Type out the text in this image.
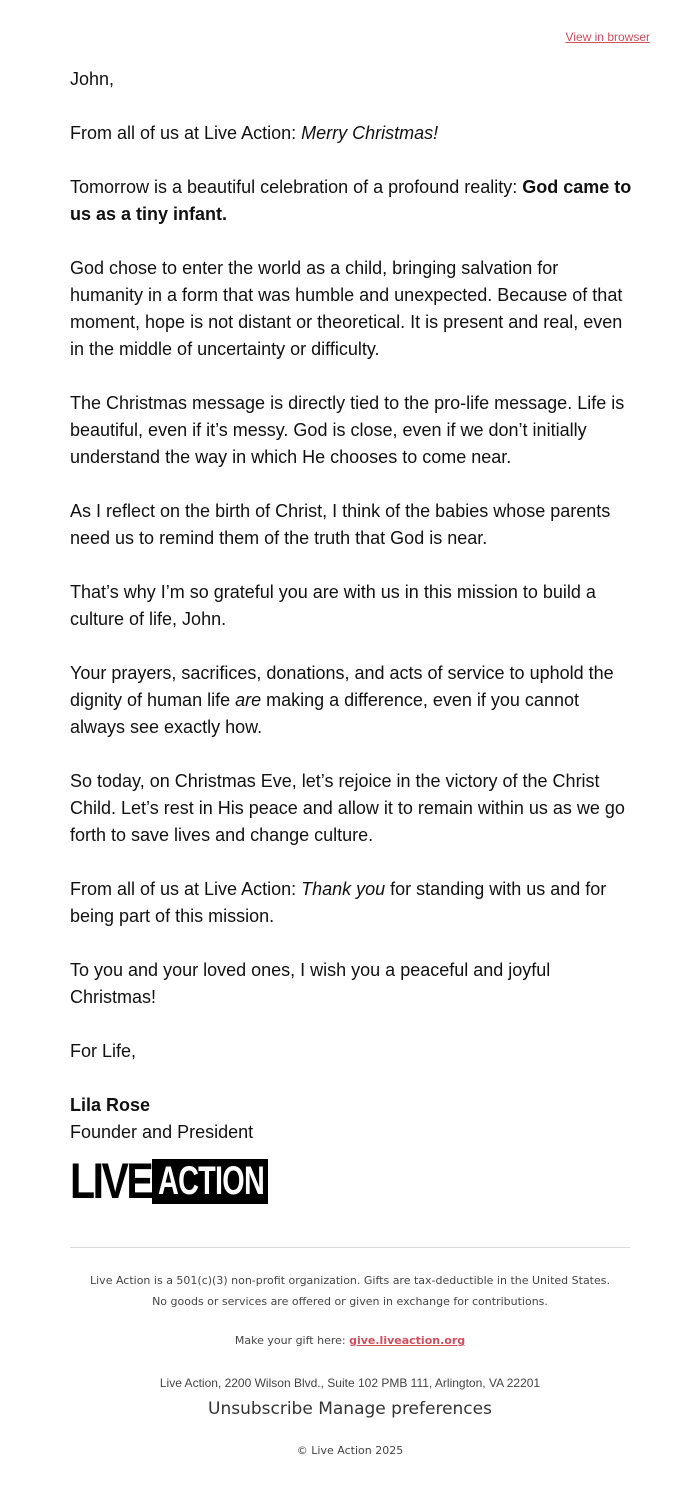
View in browser

John,

From all of us at Live Action: Merry Christmas!

Tomorrow is a beautiful celebration of a profound reality: God came to us as a tiny infant.

God chose to enter the world as a child, bringing salvation for humanity in a form that was humble and unexpected. Because of that moment, hope is not distant or theoretical. It is present and real, even in the middle of uncertainty or difficulty.

The Christmas message is directly tied to the pro-life message. Life is beautiful, even if it’s messy. God is close, even if we don’t initially understand the way in which He chooses to come near.

As I reflect on the birth of Christ, I think of the babies whose parents need us to remind them of the truth that God is near.

That’s why I’m so grateful you are with us in this mission to build a culture of life, John.

Your prayers, sacrifices, donations, and acts of service to uphold the dignity of human life are making a difference, even if you cannot always see exactly how.

So today, on Christmas Eve, let’s rejoice in the victory of the Christ Child. Let’s rest in His peace and allow it to remain within us as we go forth to save lives and change culture.

From all of us at Live Action: Thank you for standing with us and for being part of this mission.

To you and your loved ones, I wish you a peaceful and joyful Christmas!

For Life,

Lila Rose

Founder and President

LIVE ACTION
Live Action is a 501(c)(3) non-profit organization. Gifts are tax-deductible in the United States.
No goods or services are offered or given in exchange for contributions.
Make your gift here: give.liveaction.org
Live Action, 2200 Wilson Blvd., Suite 102 PMB 111, Arlington, VA 22201
Unsubscribe Manage preferences
© Live Action 2025
